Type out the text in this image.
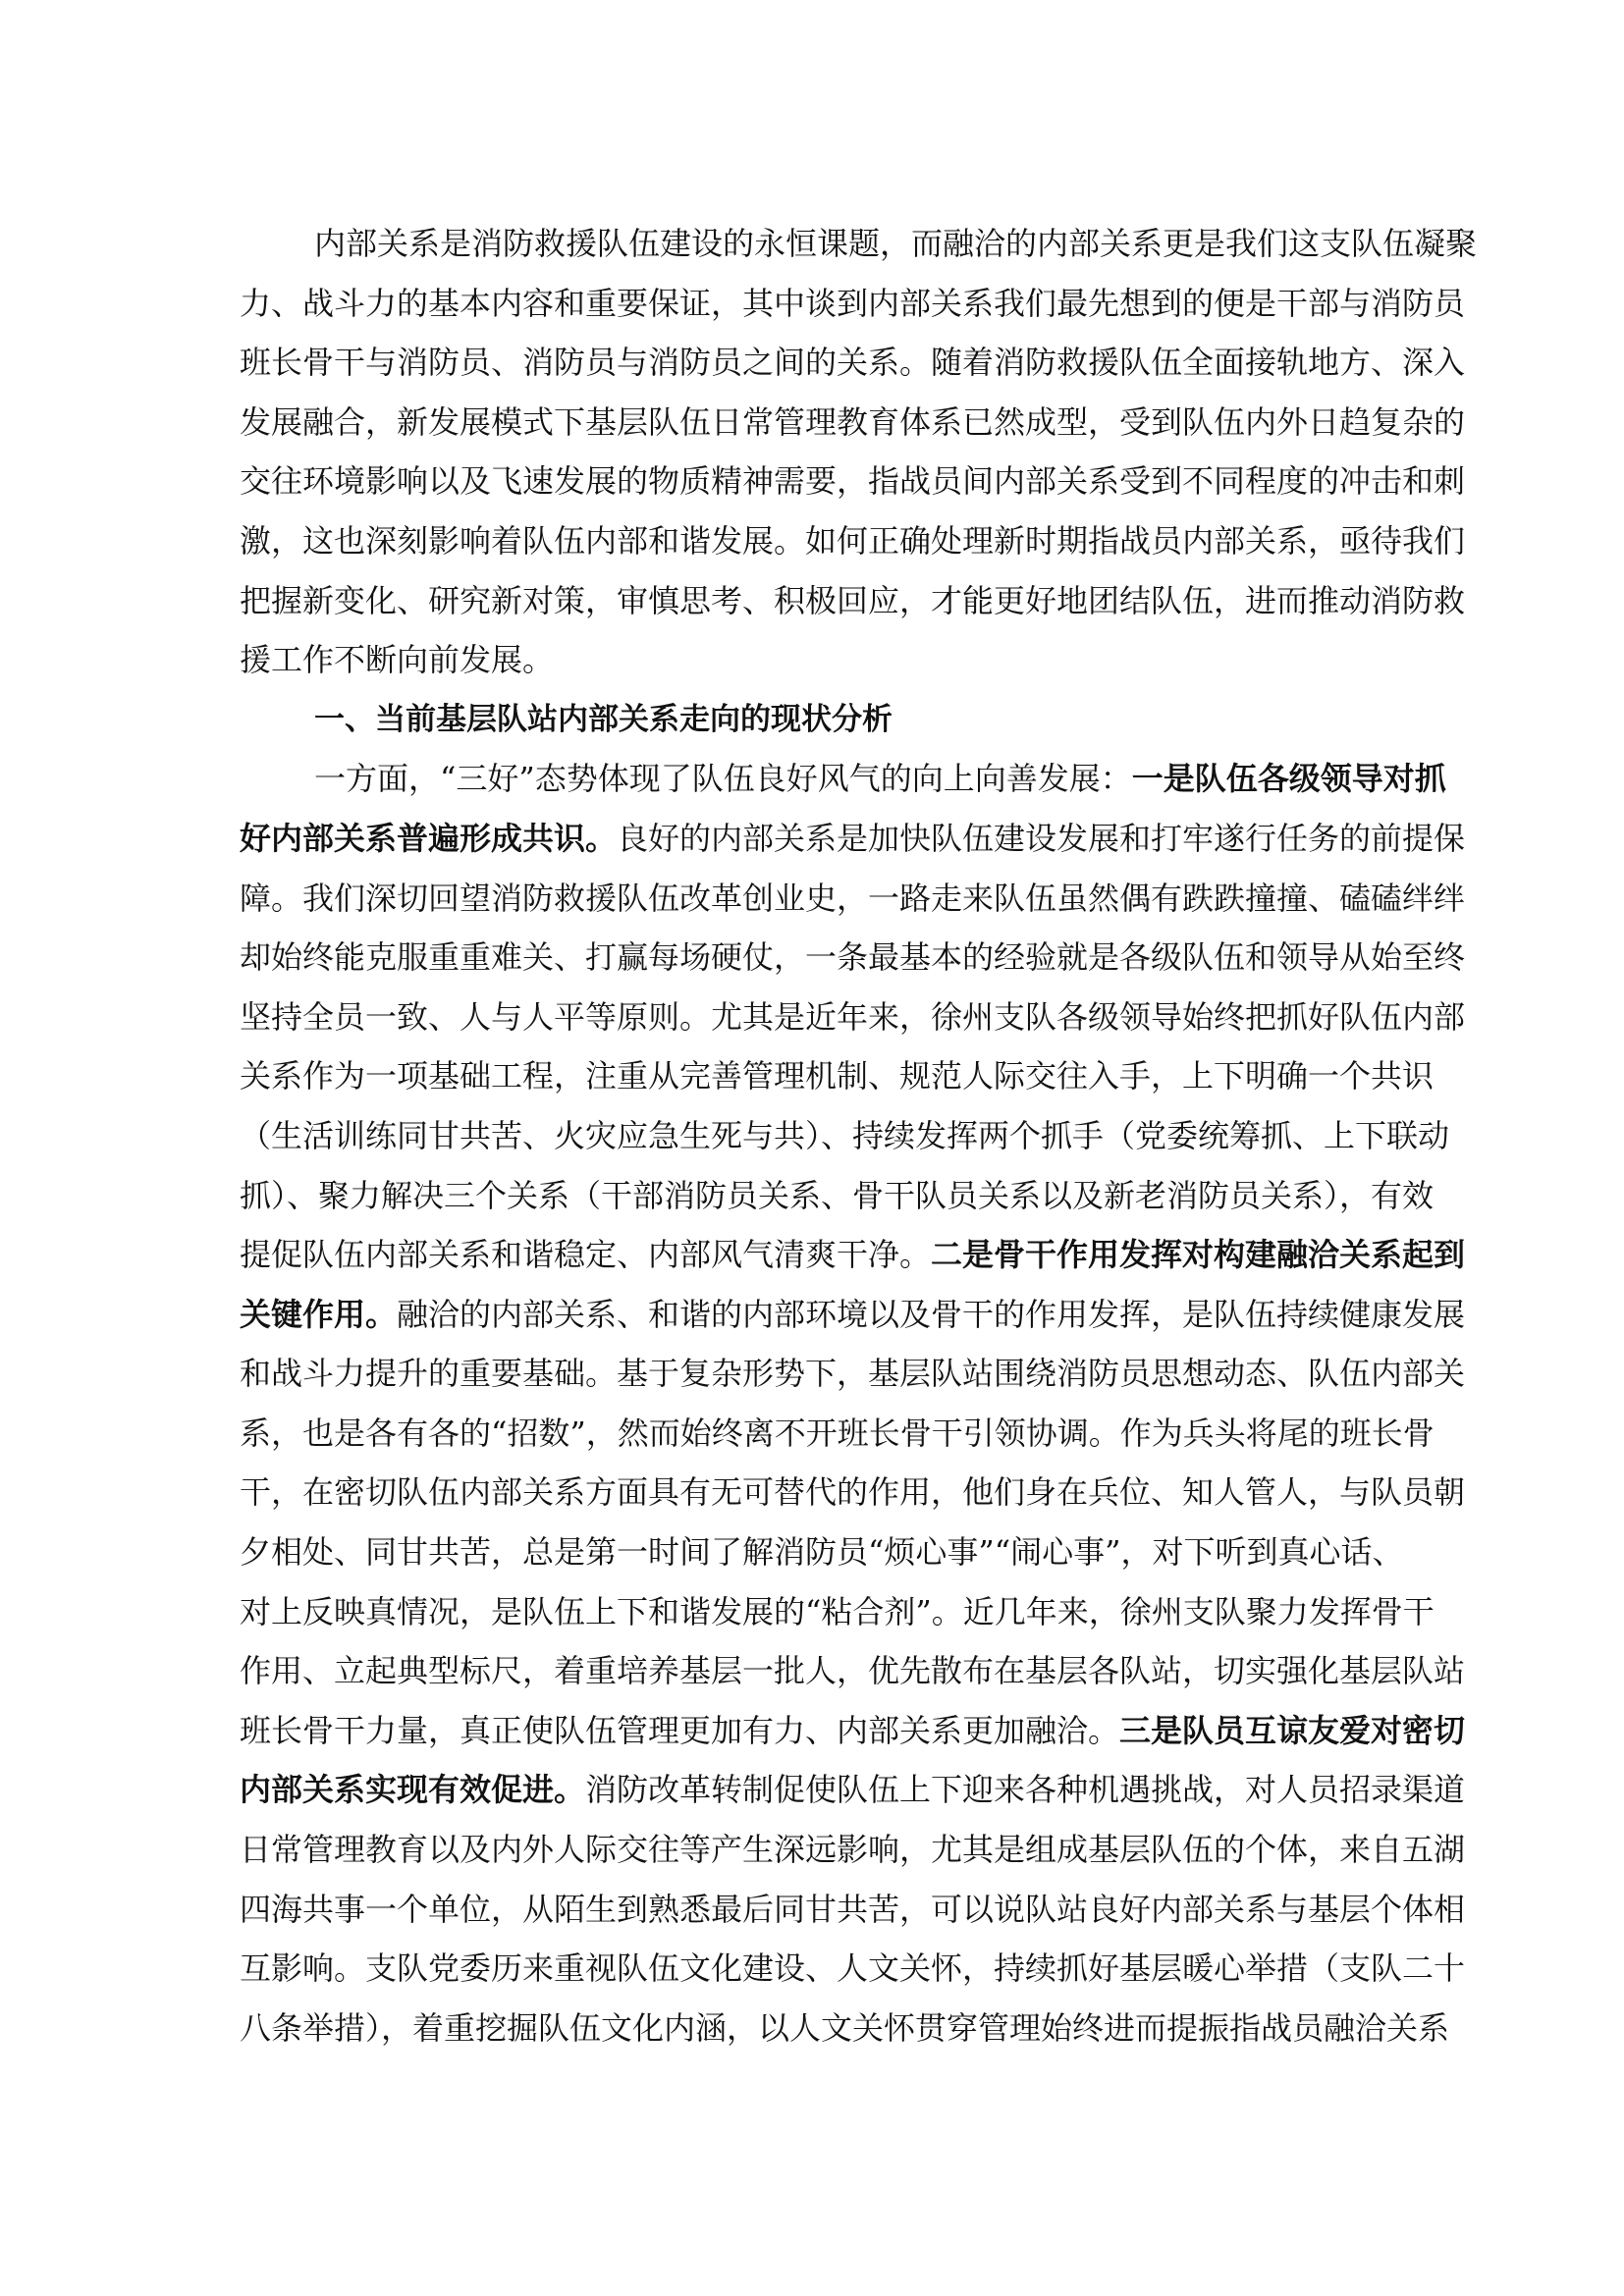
内部关系是消防救援队伍建设的永恒课题，而融洽的内部关系更是我们这支队伍凝聚
力、战斗力的基本内容和重要保证，其中谈到内部关系我们最先想到的便是干部与消防员
班长骨干与消防员、消防员与消防员之间的关系。随着消防救援队伍全面接轨地方、深入
发展融合，新发展模式下基层队伍日常管理教育体系已然成型，受到队伍内外日趋复杂的
交往环境影响以及飞速发展的物质精神需要，指战员间内部关系受到不同程度的冲击和刺
激，这也深刻影响着队伍内部和谐发展。如何正确处理新时期指战员内部关系，亟待我们
把握新变化、研究新对策，审慎思考、积极回应，才能更好地团结队伍，进而推动消防救
援工作不断向前发展。
一、当前基层队站内部关系走向的现状分析
一方面，“三好”态势体现了队伍良好风气的向上向善发展：一是队伍各级领导对抓
好内部关系普遍形成共识。良好的内部关系是加快队伍建设发展和打牢遂行任务的前提保
障。我们深切回望消防救援队伍改革创业史，一路走来队伍虽然偶有跌跌撞撞、磕磕绊绊
却始终能克服重重难关、打赢每场硬仗，一条最基本的经验就是各级队伍和领导从始至终
坚持全员一致、人与人平等原则。尤其是近年来，徐州支队各级领导始终把抓好队伍内部
关系作为一项基础工程，注重从完善管理机制、规范人际交往入手，上下明确一个共识
（生活训练同甘共苦、火灾应急生死与共）、持续发挥两个抓手（党委统筹抓、上下联动
抓）、聚力解决三个关系（干部消防员关系、骨干队员关系以及新老消防员关系），有效
提促队伍内部关系和谐稳定、内部风气清爽干净。二是骨干作用发挥对构建融洽关系起到
关键作用。融洽的内部关系、和谐的内部环境以及骨干的作用发挥，是队伍持续健康发展
和战斗力提升的重要基础。基于复杂形势下，基层队站围绕消防员思想动态、队伍内部关
系，也是各有各的“招数”，然而始终离不开班长骨干引领协调。作为兵头将尾的班长骨
干，在密切队伍内部关系方面具有无可替代的作用，他们身在兵位、知人管人，与队员朝
夕相处、同甘共苦，总是第一时间了解消防员“烦心事”“闹心事”，对下听到真心话、
对上反映真情况，是队伍上下和谐发展的“粘合剂”。近几年来，徐州支队聚力发挥骨干
作用、立起典型标尺，着重培养基层一批人，优先散布在基层各队站，切实强化基层队站
班长骨干力量，真正使队伍管理更加有力、内部关系更加融洽。三是队员互谅友爱对密切
内部关系实现有效促进。消防改革转制促使队伍上下迎来各种机遇挑战，对人员招录渠道
日常管理教育以及内外人际交往等产生深远影响，尤其是组成基层队伍的个体，来自五湖
四海共事一个单位，从陌生到熟悉最后同甘共苦，可以说队站良好内部关系与基层个体相
互影响。支队党委历来重视队伍文化建设、人文关怀，持续抓好基层暖心举措（支队二十
八条举措），着重挖掘队伍文化内涵，以人文关怀贯穿管理始终进而提振指战员融洽关系
